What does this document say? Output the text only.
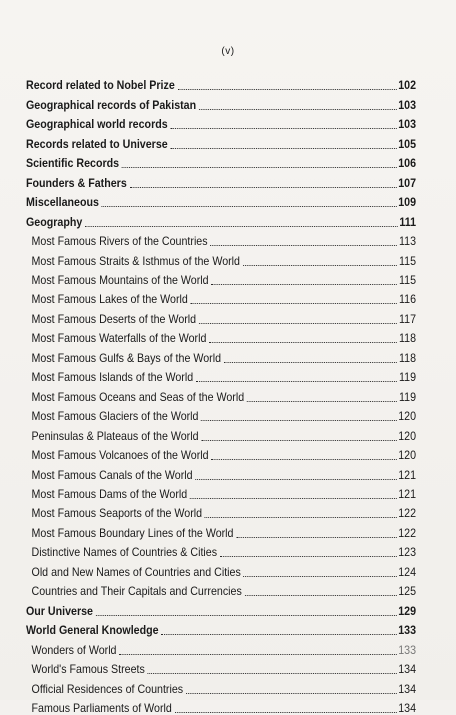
(v)
Record related to Nobel Prize	102
Geographical records of Pakistan	103
Geographical world records	103
Records related to Universe	105
Scientific Records	106
Founders & Fathers	107
Miscellaneous	109
Geography	111
Most Famous Rivers of the Countries	113
Most Famous Straits & Isthmus of the World	115
Most Famous Mountains of the World	115
Most Famous Lakes of the World	116
Most Famous Deserts of the World	117
Most Famous Waterfalls of the World	118
Most Famous Gulfs & Bays of the World	118
Most Famous Islands of the World	119
Most Famous Oceans and Seas of the World	119
Most Famous Glaciers of the World	120
Peninsulas & Plateaus of the World	120
Most Famous Volcanoes of the World	120
Most Famous Canals of the World	121
Most Famous Dams of the World	121
Most Famous Seaports of the World	122
Most Famous Boundary Lines of the World	122
Distinctive Names of Countries & Cities	123
Old and New Names of Countries and Cities	124
Countries and Their Capitals and Currencies	125
Our Universe	129
World General Knowledge	133
Wonders of World	133
World's Famous Streets	134
Official Residences of Countries	134
Famous Parliaments of World	134
